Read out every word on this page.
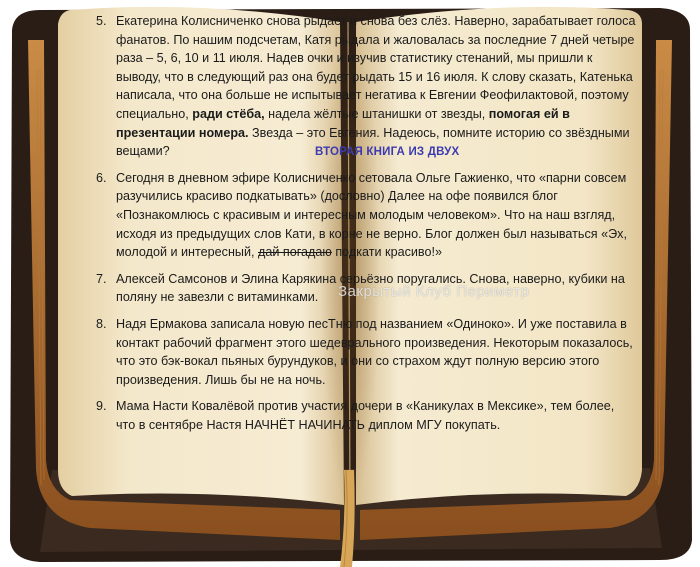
5. Екатерина Колисниченко снова рыдает и снова без слёз. Наверно, зарабатывает голоса фанатов. По нашим подсчетам, Катя рыдала и жаловалась за последние 7 дней четыре раза – 5, 6, 10 и 11 июля. Надев очки и изучив статистику стенаний, мы пришли к выводу, что в следующий раз она будет рыдать 15 и 16 июля. К слову сказать, Катенька написала, что она больше не испытывает негатива к Евгении Феофилактовой, поэтому специально, ради стёба, надела жёлтые штанишки от звезды, помогая ей в презентации номера. Звезда – это Евгения. Надеюсь, помните историю со звёздными вещами?

6. Сегодня в дневном эфире Колисниченко сетовала Ольге Гажиенко, что «парни совсем разучились красиво подкатывать» (дословно) Далее на офе появился блог «Познакомлюсь с красивым и интересным молодым человеком». Что на наш взгляд, исходя из предыдущих слов Кати, в корне не верно. Блог должен был называться «Эх, молодой и интересный, дай погадаю подкати красиво!»

7. Алексей Самсонов и Элина Карякина серьёзно поругались. Снова, наверно, кубики на поляну не завезли с витаминками.

8. Надя Ермакова записала новую песТню под названием «Одиноко». И уже поставила в контакт рабочий фрагмент этого шедеврального произведения. Некоторым показалось, что это бэк-вокал пьяных бурундуков, и они со страхом ждут полную версию этого произведения. Лишь бы не на ночь.

9. Мама Насти Ковалёвой против участия дочери в «Каникулах в Мексике», тем более, что в сентябре Настя НАЧНЁТ НАЧИНАТЬ диплом МГУ покупать.

ВТОРАЯ КНИГА ИЗ ДВУХ
Закрытый Клуб Периметр
